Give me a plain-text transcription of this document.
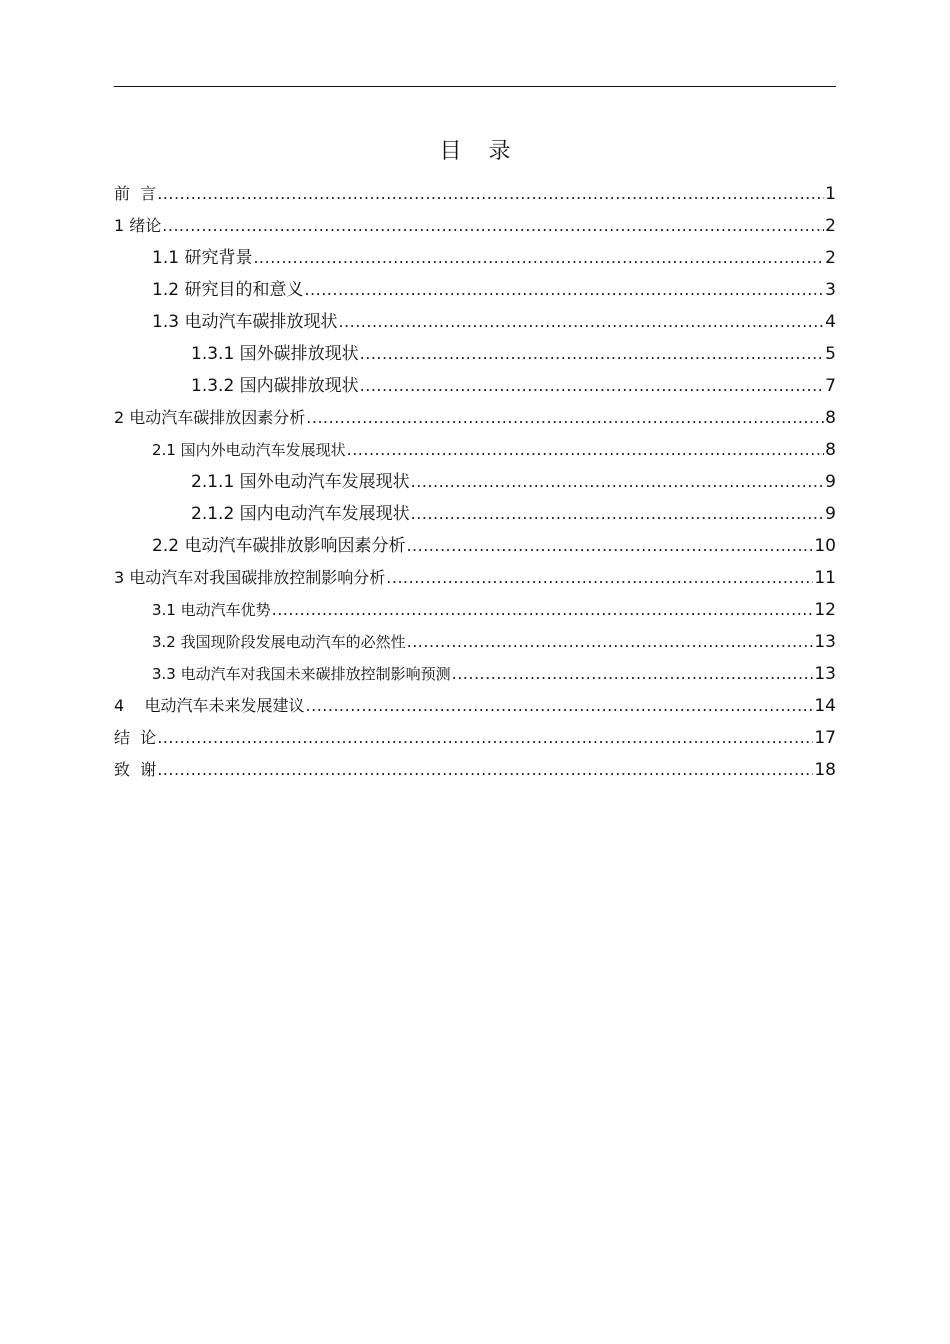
目 录
前  言 .....	1
1 绪论 .....	2
1.1 研究背景 .....	2
1.2 研究目的和意义 .....	3
1.3 电动汽车碳排放现状 .....	4
1.3.1 国外碳排放现状 .....	5
1.3.2 国内碳排放现状 .....	7
2 电动汽车碳排放因素分析 .....	8
2.1 国内外电动汽车发展现状 .....	8
2.1.1 国外电动汽车发展现状 .....	9
2.1.2 国内电动汽车发展现状 .....	9
2.2 电动汽车碳排放影响因素分析 .....	10
3 电动汽车对我国碳排放控制影响分析 .....	11
3.1 电动汽车优势 .....	12
3.2 我国现阶段发展电动汽车的必然性 .....	13
3.3 电动汽车对我国未来碳排放控制影响预测 .....	13
4    电动汽车未来发展建议 .....	14
结  论 .....	17
致  谢 .....	18
